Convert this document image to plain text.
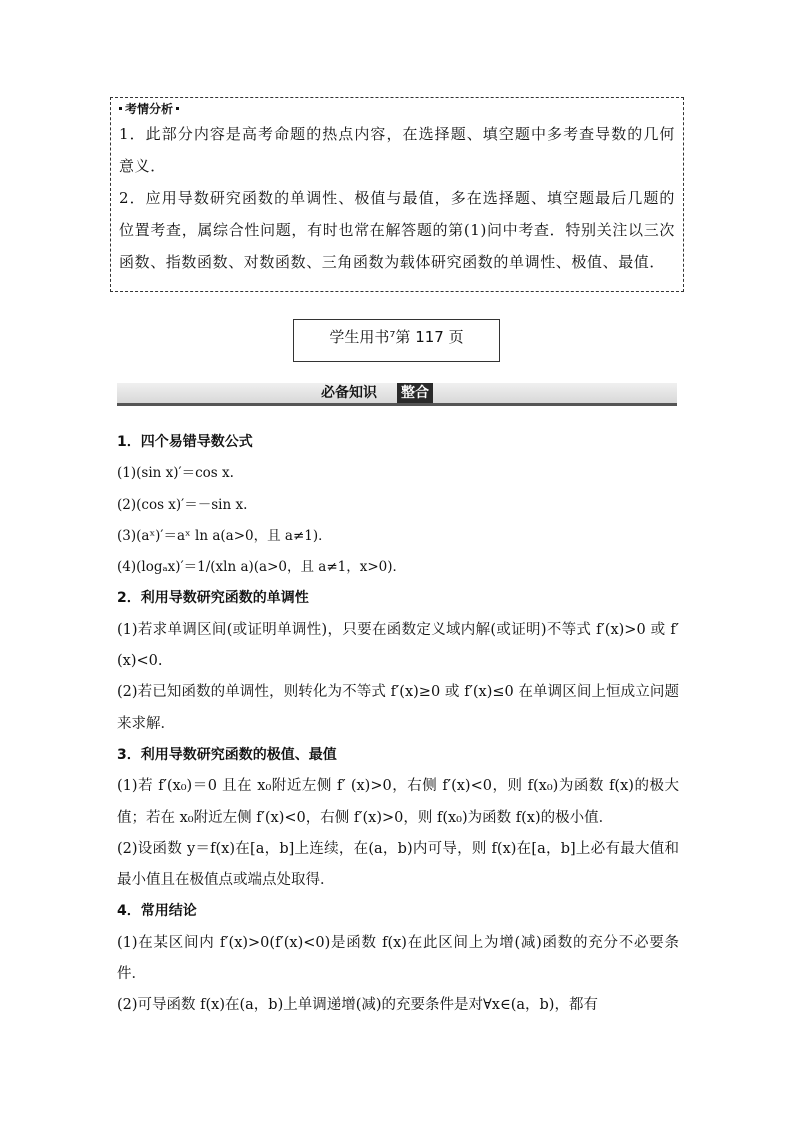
考情分析

1．此部分内容是高考命题的热点内容，在选择题、填空题中多考查导数的几何意义．

2．应用导数研究函数的单调性、极值与最值，多在选择题、填空题最后几题的位置考查，属综合性问题，有时也常在解答题的第(1)问中考查．特别关注以三次函数、指数函数、对数函数、三角函数为载体研究函数的单调性、极值、最值．

学生用书⁷第 117 页
必备知识 整合

1．四个易错导数公式

(1)(sin x)′＝cos x.

(2)(cos x)′＝－sin x.

(3)(aˣ)′＝aˣ ln a(a>0，且 a≠1)．

(4)(logₐx)′＝1/(xln a)(a>0，且 a≠1，x>0)．

2．利用导数研究函数的单调性

(1)若求单调区间(或证明单调性)，只要在函数定义域内解(或证明)不等式 f′(x)>0 或 f′(x)<0.

(2)若已知函数的单调性，则转化为不等式 f′(x)≥0 或 f′(x)≤0 在单调区间上恒成立问题来求解．

3．利用导数研究函数的极值、最值

(1)若 f′(x₀)＝0 且在 x₀附近左侧 f′ (x)>0，右侧 f′(x)<0，则 f(x₀)为函数 f(x)的极大值；若在 x₀附近左侧 f′(x)<0，右侧 f′(x)>0，则 f(x₀)为函数 f(x)的极小值．

(2)设函数 y＝f(x)在[a，b]上连续，在(a，b)内可导，则 f(x)在[a，b]上必有最大值和最小值且在极值点或端点处取得．

4．常用结论

(1)在某区间内 f′(x)>0(f′(x)<0)是函数 f(x)在此区间上为增(减)函数的充分不必要条件．

(2)可导函数 f(x)在(a，b)上单调递增(减)的充要条件是对∀x∈(a，b)，都有
